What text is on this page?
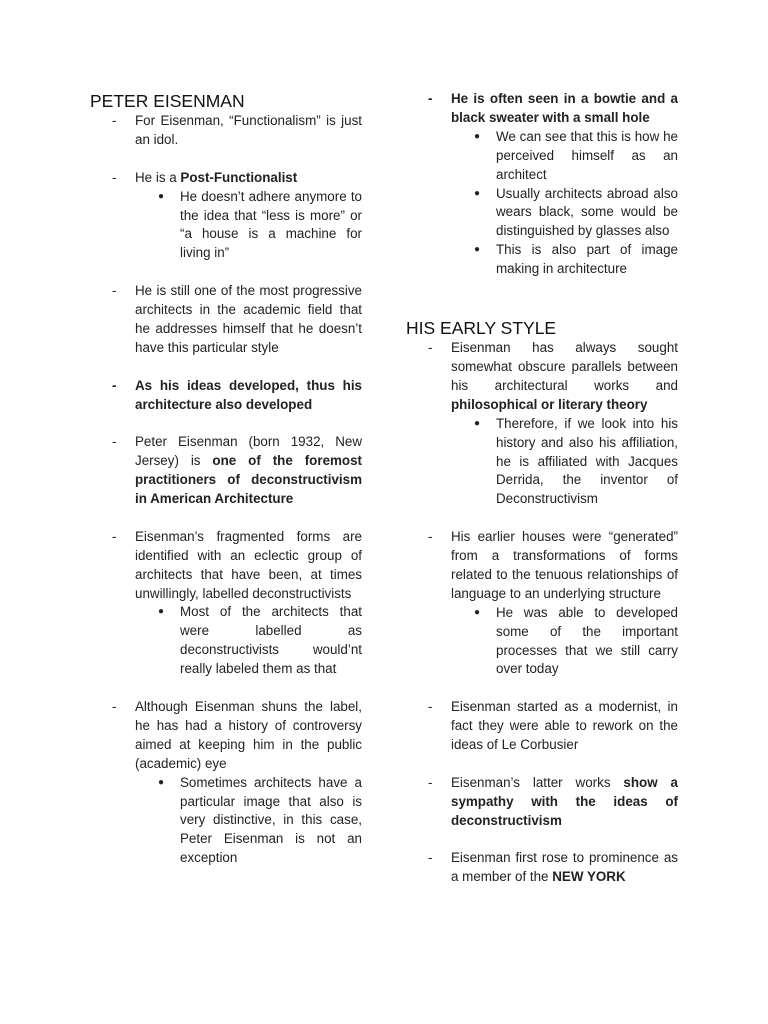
PETER EISENMAN
- For Eisenman, “Functionalism” is just an idol.
- He is a Post-Functionalist
● He doesn’t adhere anymore to the idea that “less is more” or “a house is a machine for living in”
- He is still one of the most progressive architects in the academic field that he addresses himself that he doesn’t have this particular style
- As his ideas developed, thus his architecture also developed
- Peter Eisenman (born 1932, New Jersey) is one of the foremost practitioners of deconstructivism in American Architecture
- Eisenman’s fragmented forms are identified with an eclectic group of architects that have been, at times unwillingly, labelled deconstructivists
● Most of the architects that were labelled as deconstructivists would’nt really labeled them as that
- Although Eisenman shuns the label, he has had a history of controversy aimed at keeping him in the public (academic) eye
● Sometimes architects have a particular image that also is very distinctive, in this case, Peter Eisenman is not an exception
- He is often seen in a bowtie and a black sweater with a small hole
● We can see that this is how he perceived himself as an architect
● Usually architects abroad also wears black, some would be distinguished by glasses also
● This is also part of image making in architecture
HIS EARLY STYLE
- Eisenman has always sought somewhat obscure parallels between his architectural works and philosophical or literary theory
● Therefore, if we look into his history and also his affiliation, he is affiliated with Jacques Derrida, the inventor of Deconstructivism
- His earlier houses were “generated” from a transformations of forms related to the tenuous relationships of language to an underlying structure
● He was able to developed some of the important processes that we still carry over today
- Eisenman started as a modernist, in fact they were able to rework on the ideas of Le Corbusier
- Eisenman’s latter works show a sympathy with the ideas of deconstructivism
- Eisenman first rose to prominence as a member of the NEW YORK
